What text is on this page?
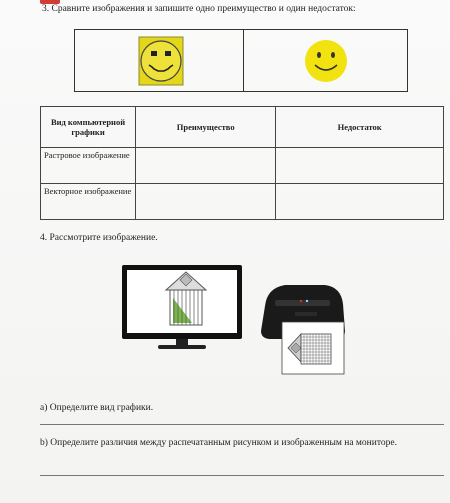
3. Сравните изображения и запишите одно преимущество и один недостаток:
Вид компьютерной графики	Преимущество	Недостаток
Растровое изображение		
Векторное изображение		
4. Рассмотрите изображение.
а) Определите вид графики.
b) Определите различия между распечатанным рисунком и изображенным на мониторе.
